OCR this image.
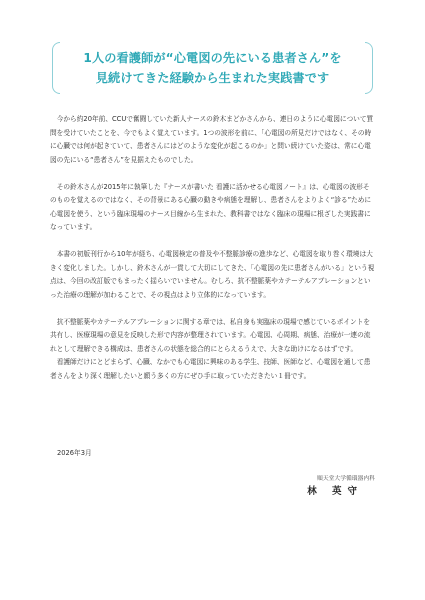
1人の看護師が“心電図の先にいる患者さん”を
見続けてきた経験から生まれた実践書です

今から約20年前、CCUで奮闘していた新人ナースの鈴木まどかさんから、連日のように心電図について質問を受けていたことを、今でもよく覚えています。1つの波形を前に、「心電図の所見だけではなく、その時に心臓では何が起きていて、患者さんにはどのような変化が起こるのか」と問い続けていた姿は、常に心電図の先にいる“患者さん”を見据えたものでした。

その鈴木さんが2015年に執筆した『ナースが書いた 看護に活かせる心電図ノート』は、心電図の波形そのものを覚えるのではなく、その背景にある心臓の動きや病態を理解し、患者さんをよりよく“診る”ために心電図を使う、という臨床現場のナース目線から生まれた、教科書ではなく臨床の現場に根ざした実践書になっています。

本書の初版刊行から10年が経ち、心電図検定の普及や不整脈診療の進歩など、心電図を取り巻く環境は大きく変化しました。しかし、鈴木さんが一貫して大切にしてきた、「心電図の先に患者さんがいる」という視点は、今回の改訂版でもまったく揺らいでいません。むしろ、抗不整脈薬やカテーテルアブレーションといった治療の理解が加わることで、その視点はより立体的になっています。

抗不整脈薬やカテーテルアブレーションに関する章では、私自身も実臨床の現場で感じているポイントを共有し、医療現場の意見を反映した形で内容が整理されています。心電図、心周期、病態、治療が一連の流れとして理解できる構成は、患者さんの状態を総合的にとらえるうえで、大きな助けになるはずです。

看護師だけにとどまらず、心臓、なかでも心電図に興味のある学生、技師、医師など、心電図を通して患者さんをより深く理解したいと願う多くの方にぜひ手に取っていただきたい１冊です。

2026年3月
順天堂大学循環器内科
林 英守
